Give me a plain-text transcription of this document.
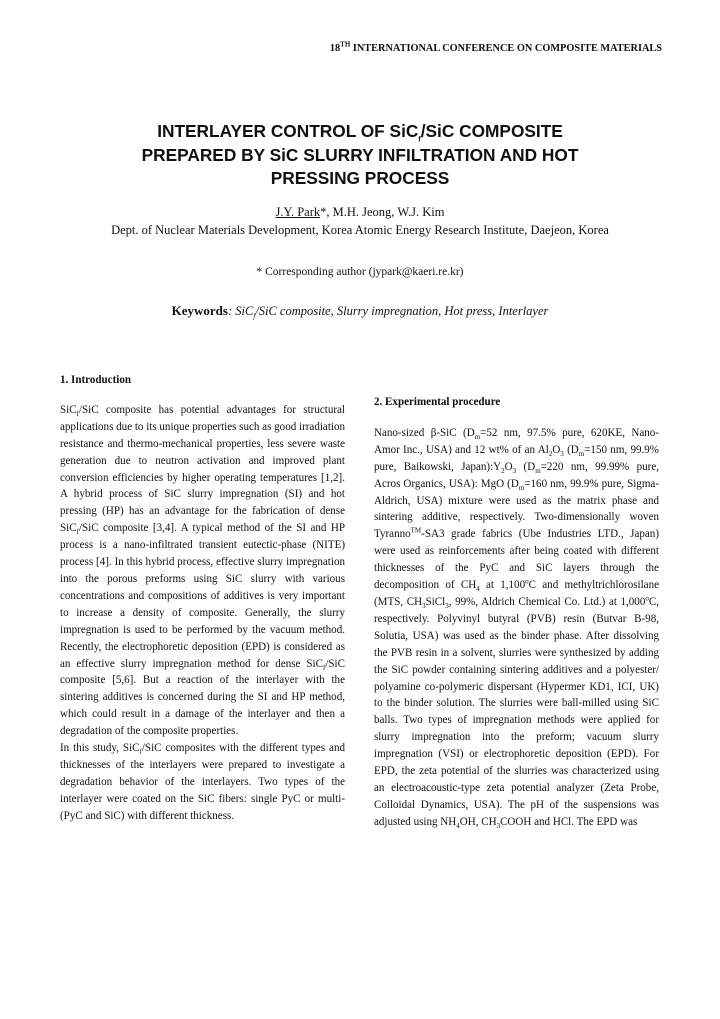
18TH INTERNATIONAL CONFERENCE ON COMPOSITE MATERIALS
INTERLAYER CONTROL OF SiC$_f$/SiC COMPOSITE
PREPARED BY SiC SLURRY INFILTRATION AND HOT
PRESSING PROCESS
J.Y. Park*, M.H. Jeong, W.J. Kim
Dept. of Nuclear Materials Development, Korea Atomic Energy Research Institute, Daejeon, Korea
* Corresponding author (jypark@kaeri.re.kr)
Keywords: SiC$_f$/SiC composite, Slurry impregnation, Hot press, Interlayer

1. Introduction

SiC$_f$/SiC composite has potential advantages for structural applications due to its unique properties such as good irradiation resistance and thermo-mechanical properties, less severe waste generation due to neutron activation and improved plant conversion efficiencies by higher operating temperatures [1,2]. A hybrid process of SiC slurry impregnation (SI) and hot pressing (HP) has an advantage for the fabrication of dense SiC$_f$/SiC composite [3,4]. A typical method of the SI and HP process is a nano-infiltrated transient eutectic-phase (NITE) process [4]. In this hybrid process, effective slurry impregnation into the porous preforms using SiC slurry with various concentrations and compositions of additives is very important to increase a density of composite. Generally, the slurry impregnation is used to be performed by the vacuum method. Recently, the electrophoretic deposition (EPD) is considered as an effective slurry impregnation method for dense SiC$_f$/SiC composite [5,6]. But a reaction of the interlayer with the sintering additives is concerned during the SI and HP method, which could result in a damage of the interlayer and then a degradation of the composite properties.

In this study, SiC$_f$/SiC composites with the different types and thicknesses of the interlayers were prepared to investigate a degradation behavior of the interlayers. Two types of the interlayer were coated on the SiC fibers: single PyC or multi-(PyC and SiC) with different thickness.

2. Experimental procedure

Nano-sized β-SiC ($D_m=52$ nm, 97.5% pure, 620KE, Nano-Amor Inc., USA) and 12 wt% of an $Al_2O_3$ ($D_m=150$ nm, 99.9% pure, Baikowski, $Japan):Y_2O_3$ ($D_m=220$ nm, 99.99% pure, Acros Organics, USA): MgO ($D_m=160$ nm, 99.9% pure, Sigma-Aldrich, USA) mixture were used as the matrix phase and sintering additive, respectively. Two-dimensionally woven Tyranno™-SA3 grade fabrics (Ube Industries LTD., Japan) were used as reinforcements after being coated with different thicknesses of the PyC and SiC layers through the decomposition of $CH_4$ at 1,100$^o$C and methyltrichlorosilane (MTS, $CH_3SiCl_3$, 99%, Aldrich Chemical Co. Ltd.) at 1,000$^o$C, respectively. Polyvinyl butyral (PVB) resin (Butvar B-98, Solutia, USA) was used as the binder phase. After dissolving the PVB resin in a solvent, slurries were synthesized by adding the SiC powder containing sintering additives and a polyester/ polyamine co-polymeric dispersant (Hypermer KD1, ICI, UK) to the binder solution. The slurries were ball-milled using SiC balls. Two types of impregnation methods were applied for slurry impregnation into the preform; vacuum slurry impregnation (VSI) or electrophoretic deposition (EPD). For EPD, the zeta potential of the slurries was characterized using an electroacoustic-type zeta potential analyzer (Zeta Probe, Colloidal Dynamics, USA). The pH of the suspensions was adjusted using $NH_4OH$, $CH_3COOH$ and HCl. The EPD was
